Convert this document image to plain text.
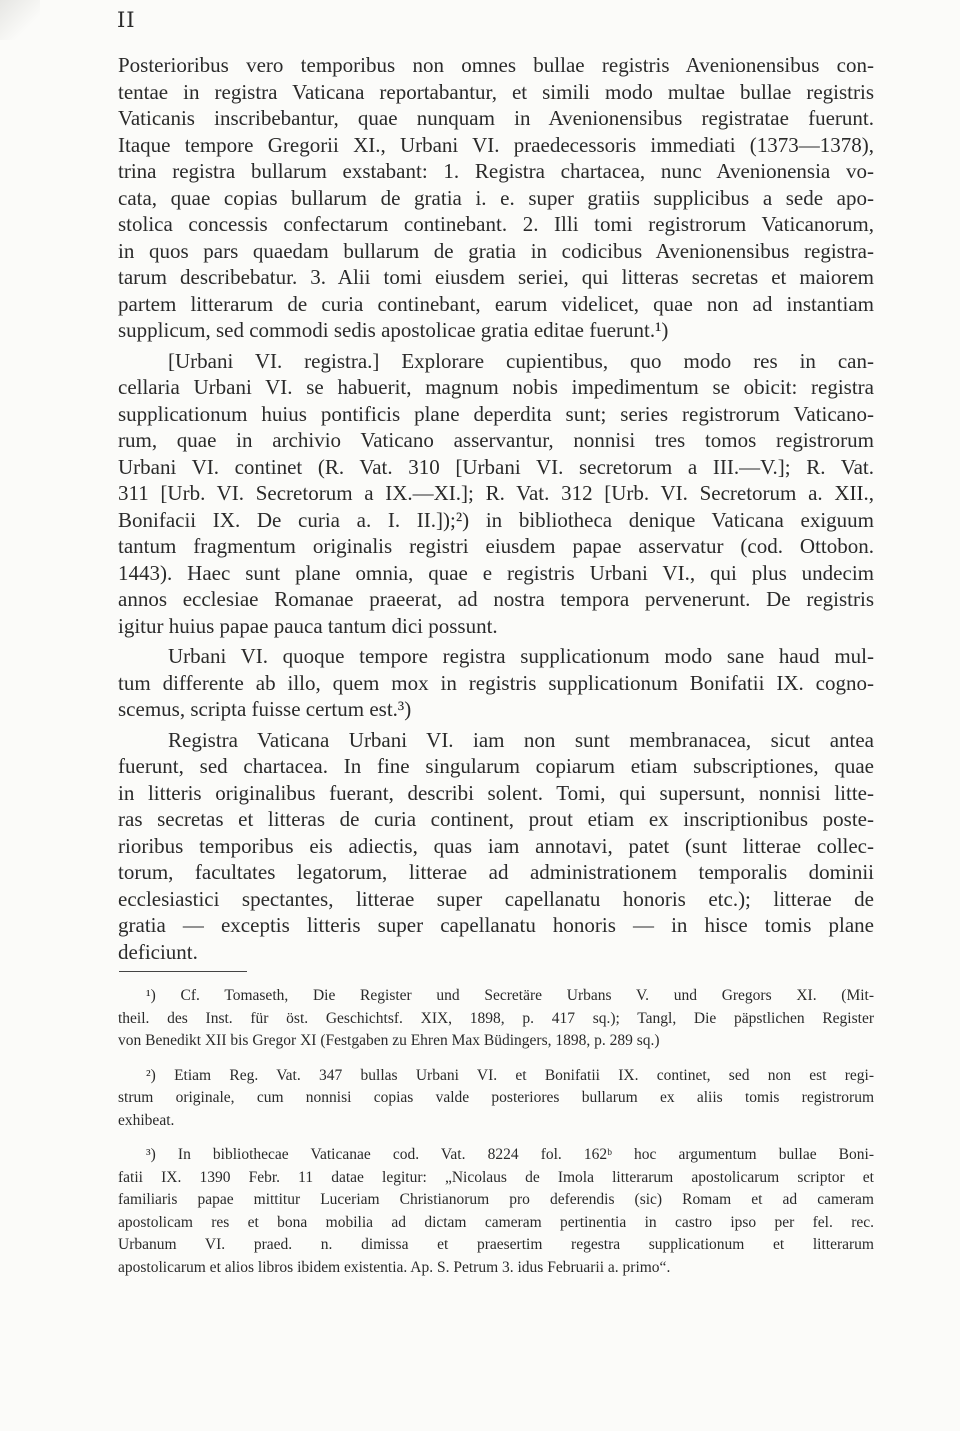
II
Posterioribus vero temporibus non omnes bullae registris Avenionensibus con-
tentae in registra Vaticana reportabantur, et simili modo multae bullae registris
Vaticanis inscribebantur, quae nunquam in Avenionensibus registratae fuerunt.
Itaque tempore Gregorii XI., Urbani VI. praedecessoris immediati (1373—1378),
trina registra bullarum exstabant: 1. Registra chartacea, nunc Avenionensia vo-
cata, quae copias bullarum de gratia i. e. super gratiis supplicibus a sede apo-
stolica concessis confectarum continebant. 2. Illi tomi registrorum Vaticanorum,
in quos pars quaedam bullarum de gratia in codicibus Avenionensibus registra-
tarum describebatur. 3. Alii tomi eiusdem seriei, qui litteras secretas et maiorem
partem litterarum de curia continebant, earum videlicet, quae non ad instantiam
supplicum, sed commodi sedis apostolicae gratia editae fuerunt.¹)
[Urbani VI. registra.] Explorare cupientibus, quo modo res in can-
cellaria Urbani VI. se habuerit, magnum nobis impedimentum se obicit: registra
supplicationum huius pontificis plane deperdita sunt; series registrorum Vaticano-
rum, quae in archivio Vaticano asservantur, nonnisi tres tomos registrorum
Urbani VI. continet (R. Vat. 310 [Urbani VI. secretorum a III.—V.]; R. Vat.
311 [Urb. VI. Secretorum a IX.—XI.]; R. Vat. 312 [Urb. VI. Secretorum a. XII.,
Bonifacii IX. De curia a. I. II.]);²) in bibliotheca denique Vaticana exiguum
tantum fragmentum originalis registri eiusdem papae asservatur (cod. Ottobon.
1443). Haec sunt plane omnia, quae e registris Urbani VI., qui plus undecim
annos ecclesiae Romanae praeerat, ad nostra tempora pervenerunt. De registris
igitur huius papae pauca tantum dici possunt.
Urbani VI. quoque tempore registra supplicationum modo sane haud mul-
tum differente ab illo, quem mox in registris supplicationum Bonifatii IX. cogno-
scemus, scripta fuisse certum est.³)
Registra Vaticana Urbani VI. iam non sunt membranacea, sicut antea
fuerunt, sed chartacea. In fine singularum copiarum etiam subscriptiones, quae
in litteris originalibus fuerant, describi solent. Tomi, qui supersunt, nonnisi litte-
ras secretas et litteras de curia continent, prout etiam ex inscriptionibus poste-
rioribus temporibus eis adiectis, quas iam annotavi, patet (sunt litterae collec-
torum, facultates legatorum, litterae ad administrationem temporalis dominii
ecclesiastici spectantes, litterae super capellanatu honoris etc.); litterae de
gratia — exceptis litteris super capellanatu honoris — in hisce tomis plane
deficiunt.
¹) Cf. Tomaseth, Die Register und Secretäre Urbans V. und Gregors XI. (Mit-
theil. des Inst. für öst. Geschichtsf. XIX, 1898, p. 417 sq.); Tangl, Die päpstlichen Register
von Benedikt XII bis Gregor XI (Festgaben zu Ehren Max Büdingers, 1898, p. 289 sq.)
²) Etiam Reg. Vat. 347 bullas Urbani VI. et Bonifatii IX. continet, sed non est regi-
strum originale, cum nonnisi copias valde posteriores bullarum ex aliis tomis registrorum
exhibeat.
³) In bibliothecae Vaticanae cod. Vat. 8224 fol. 162ᵇ hoc argumentum bullae Boni-
fatii IX. 1390 Febr. 11 datae legitur: „Nicolaus de Imola litterarum apostolicarum scriptor et
familiaris papae mittitur Luceriam Christianorum pro deferendis (sic) Romam et ad cameram
apostolicam res et bona mobilia ad dictam cameram pertinentia in castro ipso per fel. rec.
Urbanum VI. praed. n. dimissa et praesertim regestra supplicationum et litterarum
apostolicarum et alios libros ibidem existentia. Ap. S. Petrum 3. idus Februarii a. primo“.
